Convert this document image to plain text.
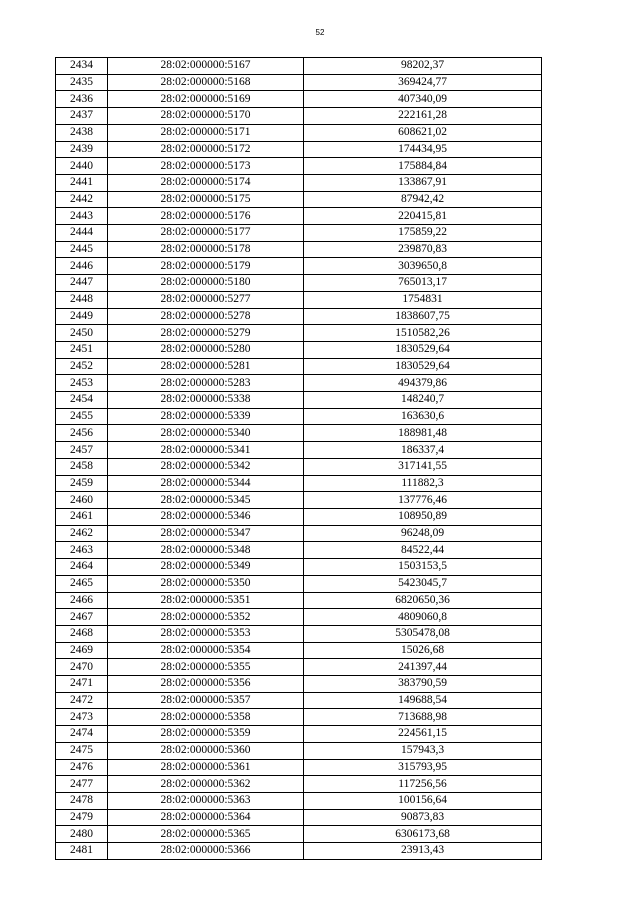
52
2434	28:02:000000:5167	98202,37
2435	28:02:000000:5168	369424,77
2436	28:02:000000:5169	407340,09
2437	28:02:000000:5170	222161,28
2438	28:02:000000:5171	608621,02
2439	28:02:000000:5172	174434,95
2440	28:02:000000:5173	175884,84
2441	28:02:000000:5174	133867,91
2442	28:02:000000:5175	87942,42
2443	28:02:000000:5176	220415,81
2444	28:02:000000:5177	175859,22
2445	28:02:000000:5178	239870,83
2446	28:02:000000:5179	3039650,8
2447	28:02:000000:5180	765013,17
2448	28:02:000000:5277	1754831
2449	28:02:000000:5278	1838607,75
2450	28:02:000000:5279	1510582,26
2451	28:02:000000:5280	1830529,64
2452	28:02:000000:5281	1830529,64
2453	28:02:000000:5283	494379,86
2454	28:02:000000:5338	148240,7
2455	28:02:000000:5339	163630,6
2456	28:02:000000:5340	188981,48
2457	28:02:000000:5341	186337,4
2458	28:02:000000:5342	317141,55
2459	28:02:000000:5344	111882,3
2460	28:02:000000:5345	137776,46
2461	28:02:000000:5346	108950,89
2462	28:02:000000:5347	96248,09
2463	28:02:000000:5348	84522,44
2464	28:02:000000:5349	1503153,5
2465	28:02:000000:5350	5423045,7
2466	28:02:000000:5351	6820650,36
2467	28:02:000000:5352	4809060,8
2468	28:02:000000:5353	5305478,08
2469	28:02:000000:5354	15026,68
2470	28:02:000000:5355	241397,44
2471	28:02:000000:5356	383790,59
2472	28:02:000000:5357	149688,54
2473	28:02:000000:5358	713688,98
2474	28:02:000000:5359	224561,15
2475	28:02:000000:5360	157943,3
2476	28:02:000000:5361	315793,95
2477	28:02:000000:5362	117256,56
2478	28:02:000000:5363	100156,64
2479	28:02:000000:5364	90873,83
2480	28:02:000000:5365	6306173,68
2481	28:02:000000:5366	23913,43
